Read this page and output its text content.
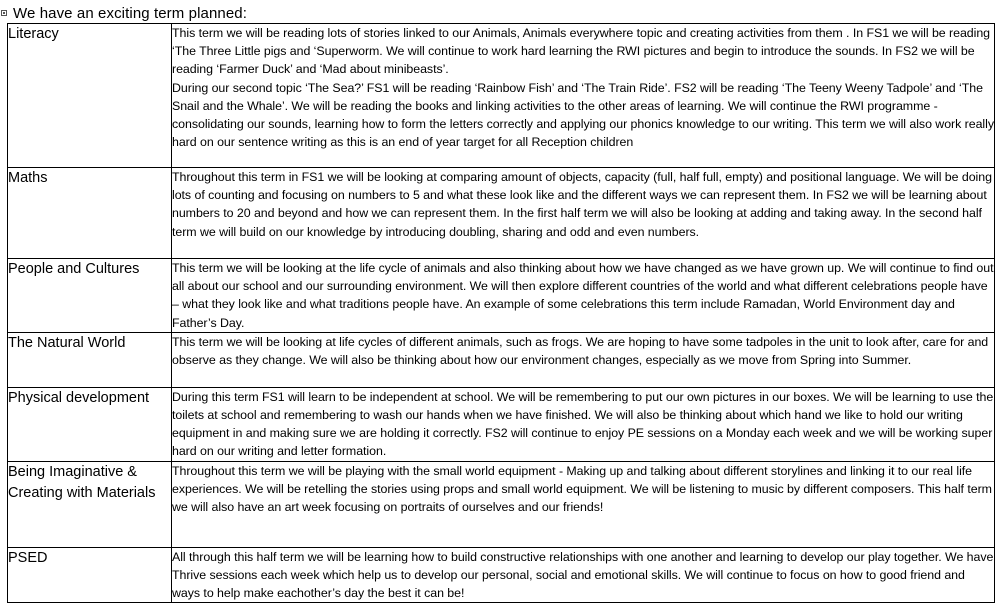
We have an exciting term planned:
Literacy	This term we will be reading lots of stories linked to our Animals, Animals everywhere topic and creating activities from them . In FS1 we will be reading ‘The Three Little pigs and ‘Superworm. We will continue to work hard learning the RWI pictures and begin to introduce the sounds. In FS2 we will be reading ‘Farmer Duck’ and ‘Mad about minibeasts’.
During our second topic ‘The Sea?’ FS1 will be reading ‘Rainbow Fish’ and ‘The Train Ride’. FS2 will be reading ‘The Teeny Weeny Tadpole’ and ‘The Snail and the Whale’. We will be reading the books and linking activities to the other areas of learning. We will continue the RWI programme - consolidating our sounds, learning how to form the letters correctly and applying our phonics knowledge to our writing. This term we will also work really hard on our sentence writing as this is an end of year target for all Reception children

Maths	Throughout this term in FS1 we will be looking at comparing amount of objects, capacity (full, half full, empty) and positional language. We will be doing lots of counting and focusing on numbers to 5 and what these look like and the different ways we can represent them. In FS2 we will be learning about numbers to 20 and beyond and how we can represent them. In the first half term we will also be looking at adding and taking away. In the second half term we will build on our knowledge by introducing doubling, sharing and odd and even numbers.

People and Cultures	This term we will be looking at the life cycle of animals and also thinking about how we have changed as we have grown up. We will continue to find out all about our school and our surrounding environment. We will then explore different countries of the world and what different celebrations people have – what they look like and what traditions people have. An example of some celebrations this term include Ramadan, World Environment day and Father’s Day.

The Natural World	This term we will be looking at life cycles of different animals, such as frogs. We are hoping to have some tadpoles in the unit to look after, care for and observe as they change. We will also be thinking about how our environment changes, especially as we move from Spring into Summer.

Physical development	During this term FS1 will learn to be independent at school. We will be remembering to put our own pictures in our boxes. We will be learning to use the toilets at school and remembering to wash our hands when we have finished. We will also be thinking about which hand we like to hold our writing equipment in and making sure we are holding it correctly. FS2 will continue to enjoy PE sessions on a Monday each week and we will be working super hard on our writing and letter formation.

Being Imaginative & Creating with Materials	Throughout this term we will be playing with the small world equipment - Making up and talking about different storylines and linking it to our real life experiences. We will be retelling the stories using props and small world equipment. We will be listening to music by different composers. This half term we will also have an art week focusing on portraits of ourselves and our friends!

PSED	All through this half term we will be learning how to build constructive relationships with one another and learning to develop our play together. We have Thrive sessions each week which help us to develop our personal, social and emotional skills. We will continue to focus on how to good friend and ways to help make eachother’s day the best it can be!
